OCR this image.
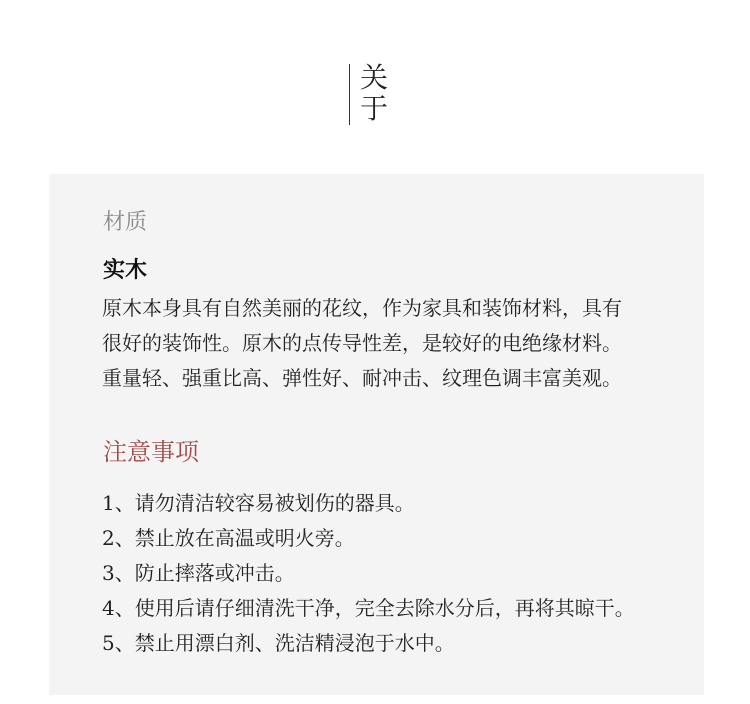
关
于
材质
实木

原木本身具有自然美丽的花纹，作为家具和装饰材料，具有

很好的装饰性。原木的点传导性差，是较好的电绝缘材料。

重量轻、强重比高、弹性好、耐冲击、纹理色调丰富美观。

注意事项
1、请勿清洁较容易被划伤的器具。
2、禁止放在高温或明火旁。
3、防止摔落或冲击。
4、使用后请仔细清洗干净，完全去除水分后，再将其晾干。
5、禁止用漂白剂、洗洁精浸泡于水中。
